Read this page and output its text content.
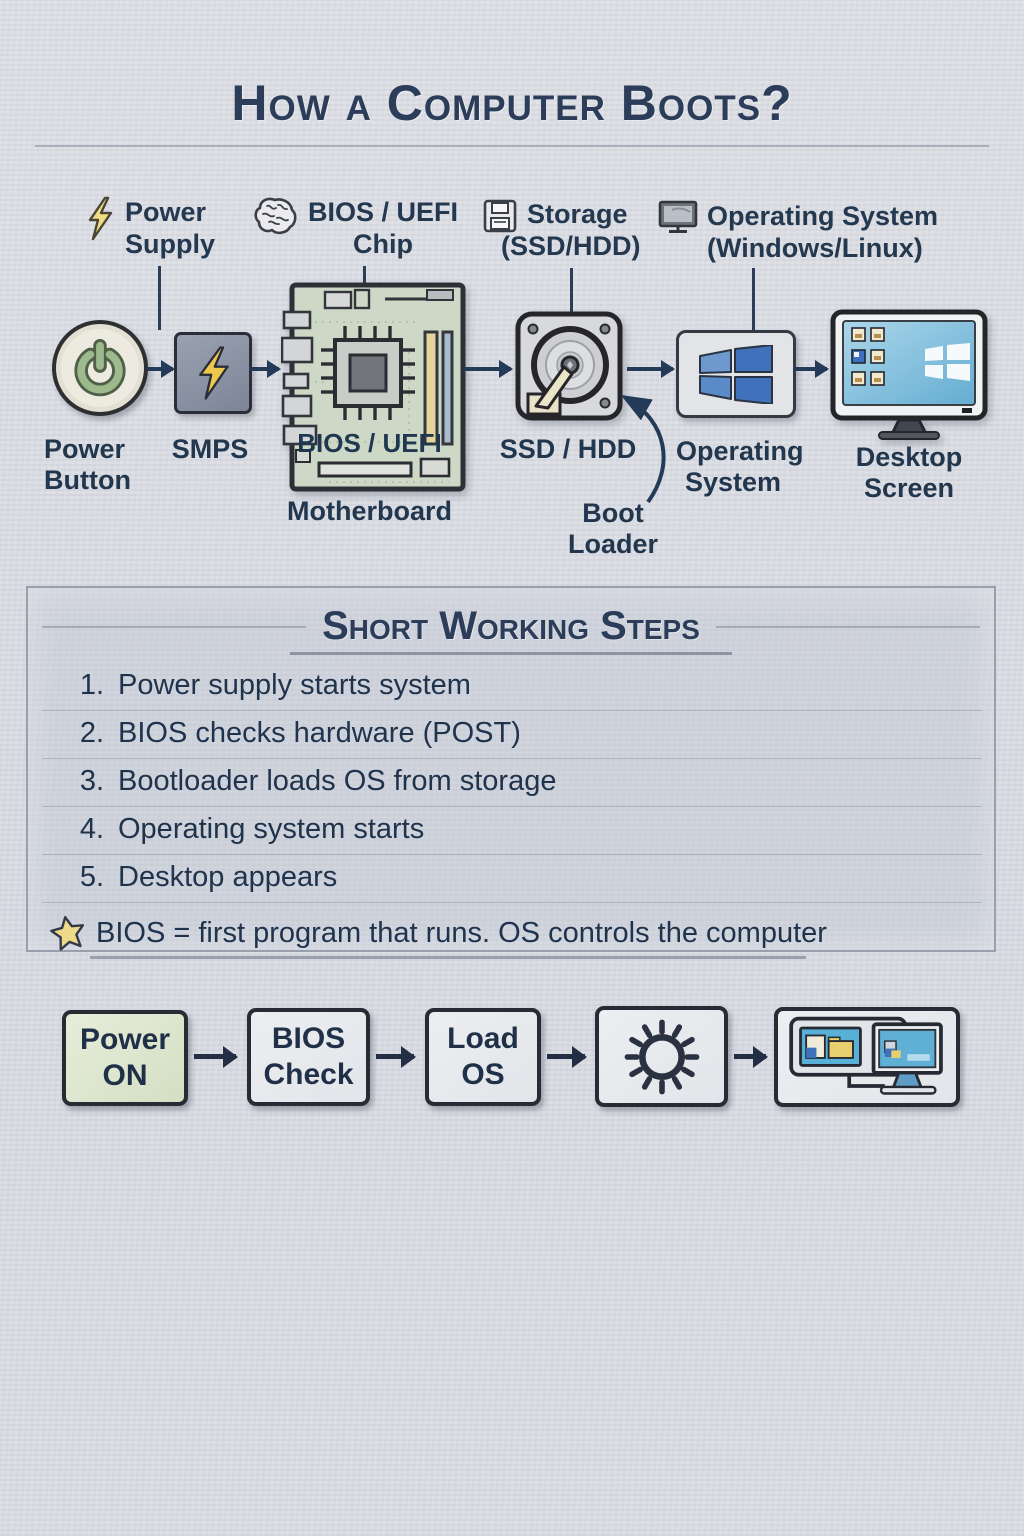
How a Computer Boots?
Power
Supply
BIOS / UEFI
Chip
Storage
(SSD/HDD)
Operating System
(Windows/Linux)
BIOS / UEFI
Power
Button
SMPS
Motherboard
SSD / HDD
Boot
Loader
Operating
System
Desktop
Screen
Short Working Steps
1. Power supply starts system
2. BIOS checks hardware (POST)
3. Bootloader loads OS from storage
4. Operating system starts
5. Desktop appears
BIOS = first program that runs. OS controls the computer
Power
ON
BIOS
Check
Load
OS
